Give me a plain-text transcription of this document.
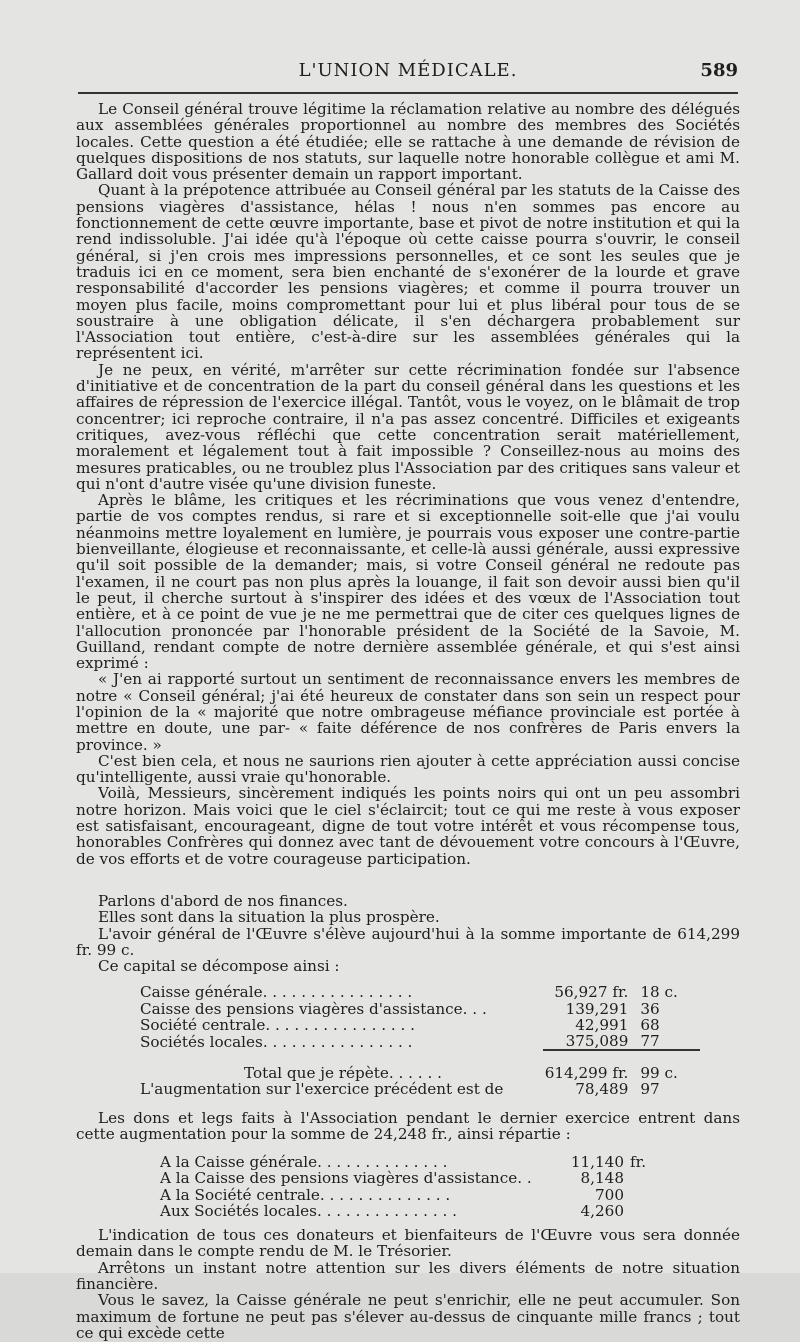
L'UNION MÉDICALE.	589

Le Conseil général trouve légitime la réclamation relative au nombre des délégués aux assemblées générales proportionnel au nombre des membres des Sociétés locales. Cette question a été étudiée; elle se rattache à une demande de révision de quelques dispositions de nos statuts, sur laquelle notre honorable collègue et ami M. Gallard doit vous présenter demain un rapport important.

Quant à la prépotence attribuée au Conseil général par les statuts de la Caisse des pensions viagères d'assistance, hélas ! nous n'en sommes pas encore au fonctionnement de cette œuvre importante, base et pivot de notre institution et qui la rend indissoluble. J'ai idée qu'à l'époque où cette caisse pourra s'ouvrir, le conseil général, si j'en crois mes impressions personnelles, et ce sont les seules que je traduis ici en ce moment, sera bien enchanté de s'exonérer de la lourde et grave responsabilité d'accorder les pensions viagères; et comme il pourra trouver un moyen plus facile, moins compromettant pour lui et plus libéral pour tous de se soustraire à une obligation délicate, il s'en déchargera probablement sur l'Association tout entière, c'est-à-dire sur les assemblées générales qui la représentent ici.

Je ne peux, en vérité, m'arrêter sur cette récrimination fondée sur l'absence d'initiative et de concentration de la part du conseil général dans les questions et les affaires de répression de l'exercice illégal. Tantôt, vous le voyez, on le blâmait de trop concentrer; ici reproche contraire, il n'a pas assez concentré. Difficiles et exigeants critiques, avez-vous réfléchi que cette concentration serait matériellement, moralement et légalement tout à fait impossible ? Conseillez-nous au moins des mesures praticables, ou ne troublez plus l'Association par des critiques sans valeur et qui n'ont d'autre visée qu'une division funeste.

Après le blâme, les critiques et les récriminations que vous venez d'entendre, partie de vos comptes rendus, si rare et si exceptionnelle soit-elle que j'ai voulu néanmoins mettre loyalement en lumière, je pourrais vous exposer une contre-partie bienveillante, élogieuse et reconnaissante, et celle-là aussi générale, aussi expressive qu'il soit possible de la demander; mais, si votre Conseil général ne redoute pas l'examen, il ne court pas non plus après la louange, il fait son devoir aussi bien qu'il le peut, il cherche surtout à s'inspirer des idées et des vœux de l'Association tout entière, et à ce point de vue je ne me permettrai que de citer ces quelques lignes de l'allocution prononcée par l'honorable président de la Société de la Savoie, M. Guilland, rendant compte de notre dernière assemblée générale, et qui s'est ainsi exprimé :

« J'en ai rapporté surtout un sentiment de reconnaissance envers les membres de notre « Conseil général; j'ai été heureux de constater dans son sein un respect pour l'opinion de la « majorité que notre ombrageuse méfiance provinciale est portée à mettre en doute, une par- « faite déférence de nos confrères de Paris envers la province. »

C'est bien cela, et nous ne saurions rien ajouter à cette appréciation aussi concise qu'intelligente, aussi vraie qu'honorable.

Voilà, Messieurs, sincèrement indiqués les points noirs qui ont un peu assombri notre horizon. Mais voici que le ciel s'éclaircit; tout ce qui me reste à vous exposer est satisfaisant, encourageant, digne de tout votre intérêt et vous récompense tous, honorables Confrères qui donnez avec tant de dévouement votre concours à l'Œuvre, de vos efforts et de votre courageuse participation.

Parlons d'abord de nos finances.

Elles sont dans la situation la plus prospère.

L'avoir général de l'Œuvre s'élève aujourd'hui à la somme importante de 614,299 fr. 99 c.

Ce capital se décompose ainsi :

Caisse générale. . . . . . . . . . . . . . . .	56,927 fr.	18 c.
Caisse des pensions viagères d'assistance. . .	139,291	36
Société centrale. . . . . . . . . . . . . . . .	42,991	68
Sociétés locales. . . . . . . . . . . . . . . .	375,089	77
Total que je répète. . . . . .	614,299 fr.	99 c.
L'augmentation sur l'exercice précédent est de	78,489	97

Les dons et legs faits à l'Association pendant le dernier exercice entrent dans cette augmentation pour la somme de 24,248 fr., ainsi répartie :

A la Caisse générale. . . . . . . . . . . . . .	11,140	fr.
A la Caisse des pensions viagères d'assistance. .	8,148	
A la Société centrale. . . . . . . . . . . . . .	700	
Aux Sociétés locales. . . . . . . . . . . . . . .	4,260	

L'indication de tous ces donateurs et bienfaiteurs de l'Œuvre vous sera donnée demain dans le compte rendu de M. le Trésorier.

Arrêtons un instant notre attention sur les divers éléments de notre situation financière.

Vous le savez, la Caisse générale ne peut s'enrichir, elle ne peut accumuler. Son maximum de fortune ne peut pas s'élever au-dessus de cinquante mille francs ; tout ce qui excède cette
